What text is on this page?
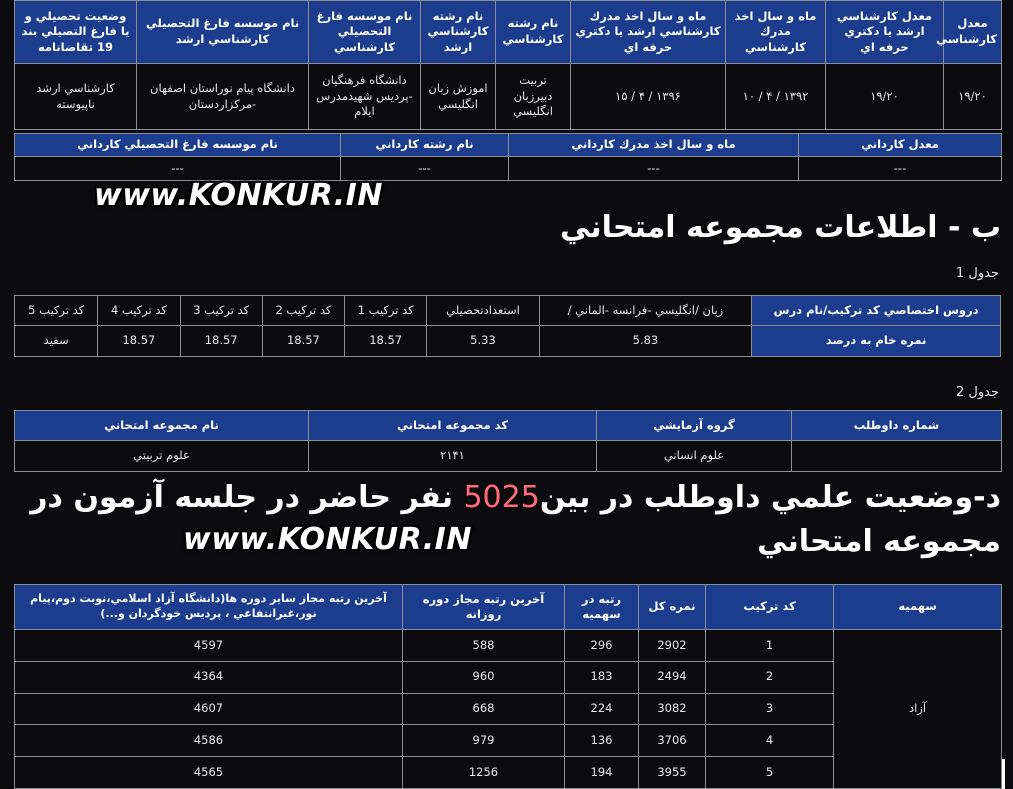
معدل كارشناسي	معدل كارشناسي ارشد يا دكتري حرفه اي	ماه و سال اخذ مدرك كارشناسي	ماه و سال اخذ مدرك كارشناسي ارشد يا دكتري حرفه اي	نام رشته كارشناسي	نام رشته كارشناسي ارشد	نام موسسه فارغ التحصيلي كارشناسي	نام موسسه فارغ التحصيلي كارشناسي ارشد	وضعيت تحصيلي و يا فارغ التصيلي بند 19 تقاضانامه
۱۹/۲۰	۱۹/۲۰	۱۳۹۲ / ۴ / ۱۰	۱۳۹۶ / ۴ / ۱۵	تربيت دبيرزبان انگليسي	اموزش زبان انگليسي	دانشگاه فرهنگيان -پرديس شهيدمدرس ايلام	دانشگاه پيام نوراستان اصفهان -مركزاردستان	كارشناسي ارشد ناپيوسته
معدل كارداني	ماه و سال اخذ مدرك كارداني	نام رشته كارداني	نام موسسه فارغ التحصيلي كارداني
---	---	---	---
www.KONKUR.IN
ب - اطلاعات مجموعه امتحاني
جدول 1
دروس اختصاصي كد تركيب/نام درس	زبان /انگليسي -فرانسه -الماني /	استعدادتحصيلي	كد تركيب 1	كد تركيب 2	كد تركيب 3	كد تركيب 4	كد تركيب 5
نمره خام به درصد	5.83	5.33	18.57	18.57	18.57	18.57	سفيد
جدول 2
شماره داوطلب	گروه آزمايشي	كد مجموعه امتحاني	نام مجموعه امتحاني
	علوم انساني	۲۱۴۱	علوم تربيتي
د-وضعيت علمي داوطلب در بين5025 نفر حاضر در جلسه آزمون در مجموعه امتحاني
www.KONKUR.IN
سهميه	كد تركيب	نمره كل	رتبه در سهميه	آخرين رتبه مجاز دوره روزانه	آخرين رتبه مجاز ساير دوره ها(دانشگاه آزاد اسلامي،نوبت دوم،پيام نور،غيرانتفاعي ، پرديس خودگردان و...)
آزاد	1	2902	296	588	4597
	2	2494	183	960	4364
	3	3082	224	668	4607
	4	3706	136	979	4586
	5	3955	194	1256	4565
